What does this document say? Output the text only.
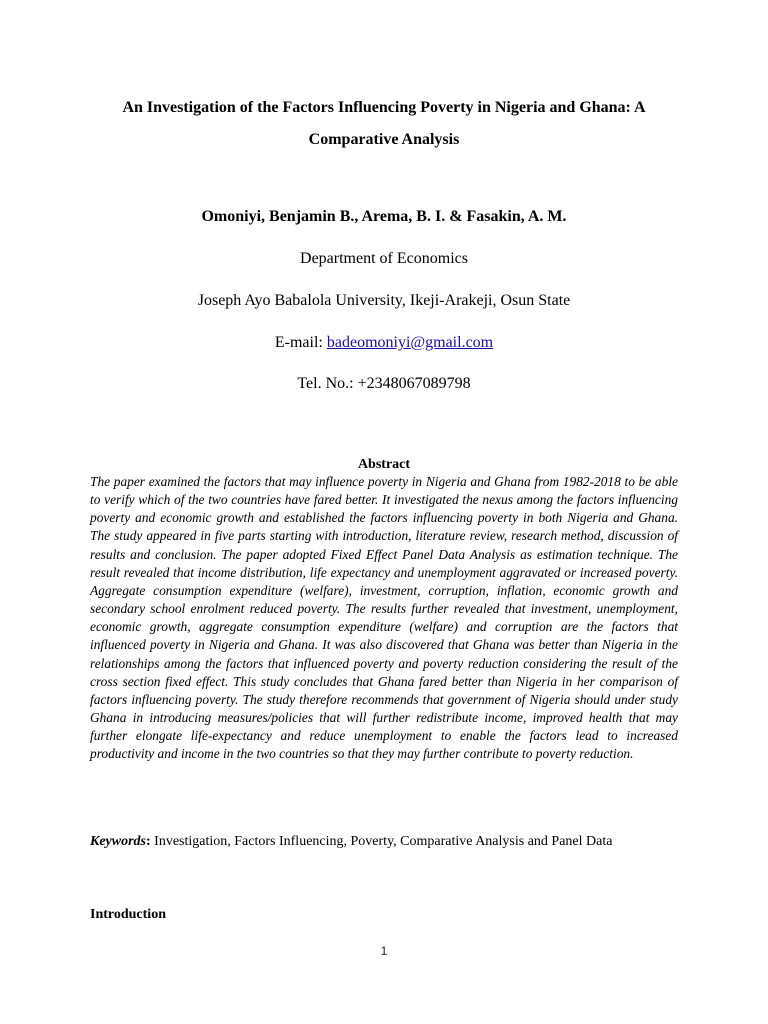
An Investigation of the Factors Influencing Poverty in Nigeria and Ghana: A
Comparative Analysis

Omoniyi, Benjamin B., Arema, B. I. & Fasakin, A. M.

Department of Economics

Joseph Ayo Babalola University, Ikeji-Arakeji, Osun State

E-mail: badeomoniyi@gmail.com

Tel. No.: +2348067089798

Abstract

The paper examined the factors that may influence poverty in Nigeria and Ghana from 1982-2018 to be able to verify which of the two countries have fared better. It investigated the nexus among the factors influencing poverty and economic growth and established the factors influencing poverty in both Nigeria and Ghana. The study appeared in five parts starting with introduction, literature review, research method, discussion of results and conclusion. The paper adopted Fixed Effect Panel Data Analysis as estimation technique. The result revealed that income distribution, life expectancy and unemployment aggravated or increased poverty. Aggregate consumption expenditure (welfare), investment, corruption, inflation, economic growth and secondary school enrolment reduced poverty. The results further revealed that investment, unemployment, economic growth, aggregate consumption expenditure (welfare) and corruption are the factors that influenced poverty in Nigeria and Ghana. It was also discovered that Ghana was better than Nigeria in the relationships among the factors that influenced poverty and poverty reduction considering the result of the cross section fixed effect. This study concludes that Ghana fared better than Nigeria in her comparison of factors influencing poverty. The study therefore recommends that government of Nigeria should under study Ghana in introducing measures/policies that will further redistribute income, improved health that may further elongate life-expectancy and reduce unemployment to enable the factors lead to increased productivity and income in the two countries so that they may further contribute to poverty reduction.

Keywords: Investigation, Factors Influencing, Poverty, Comparative Analysis and Panel Data

Introduction
1
